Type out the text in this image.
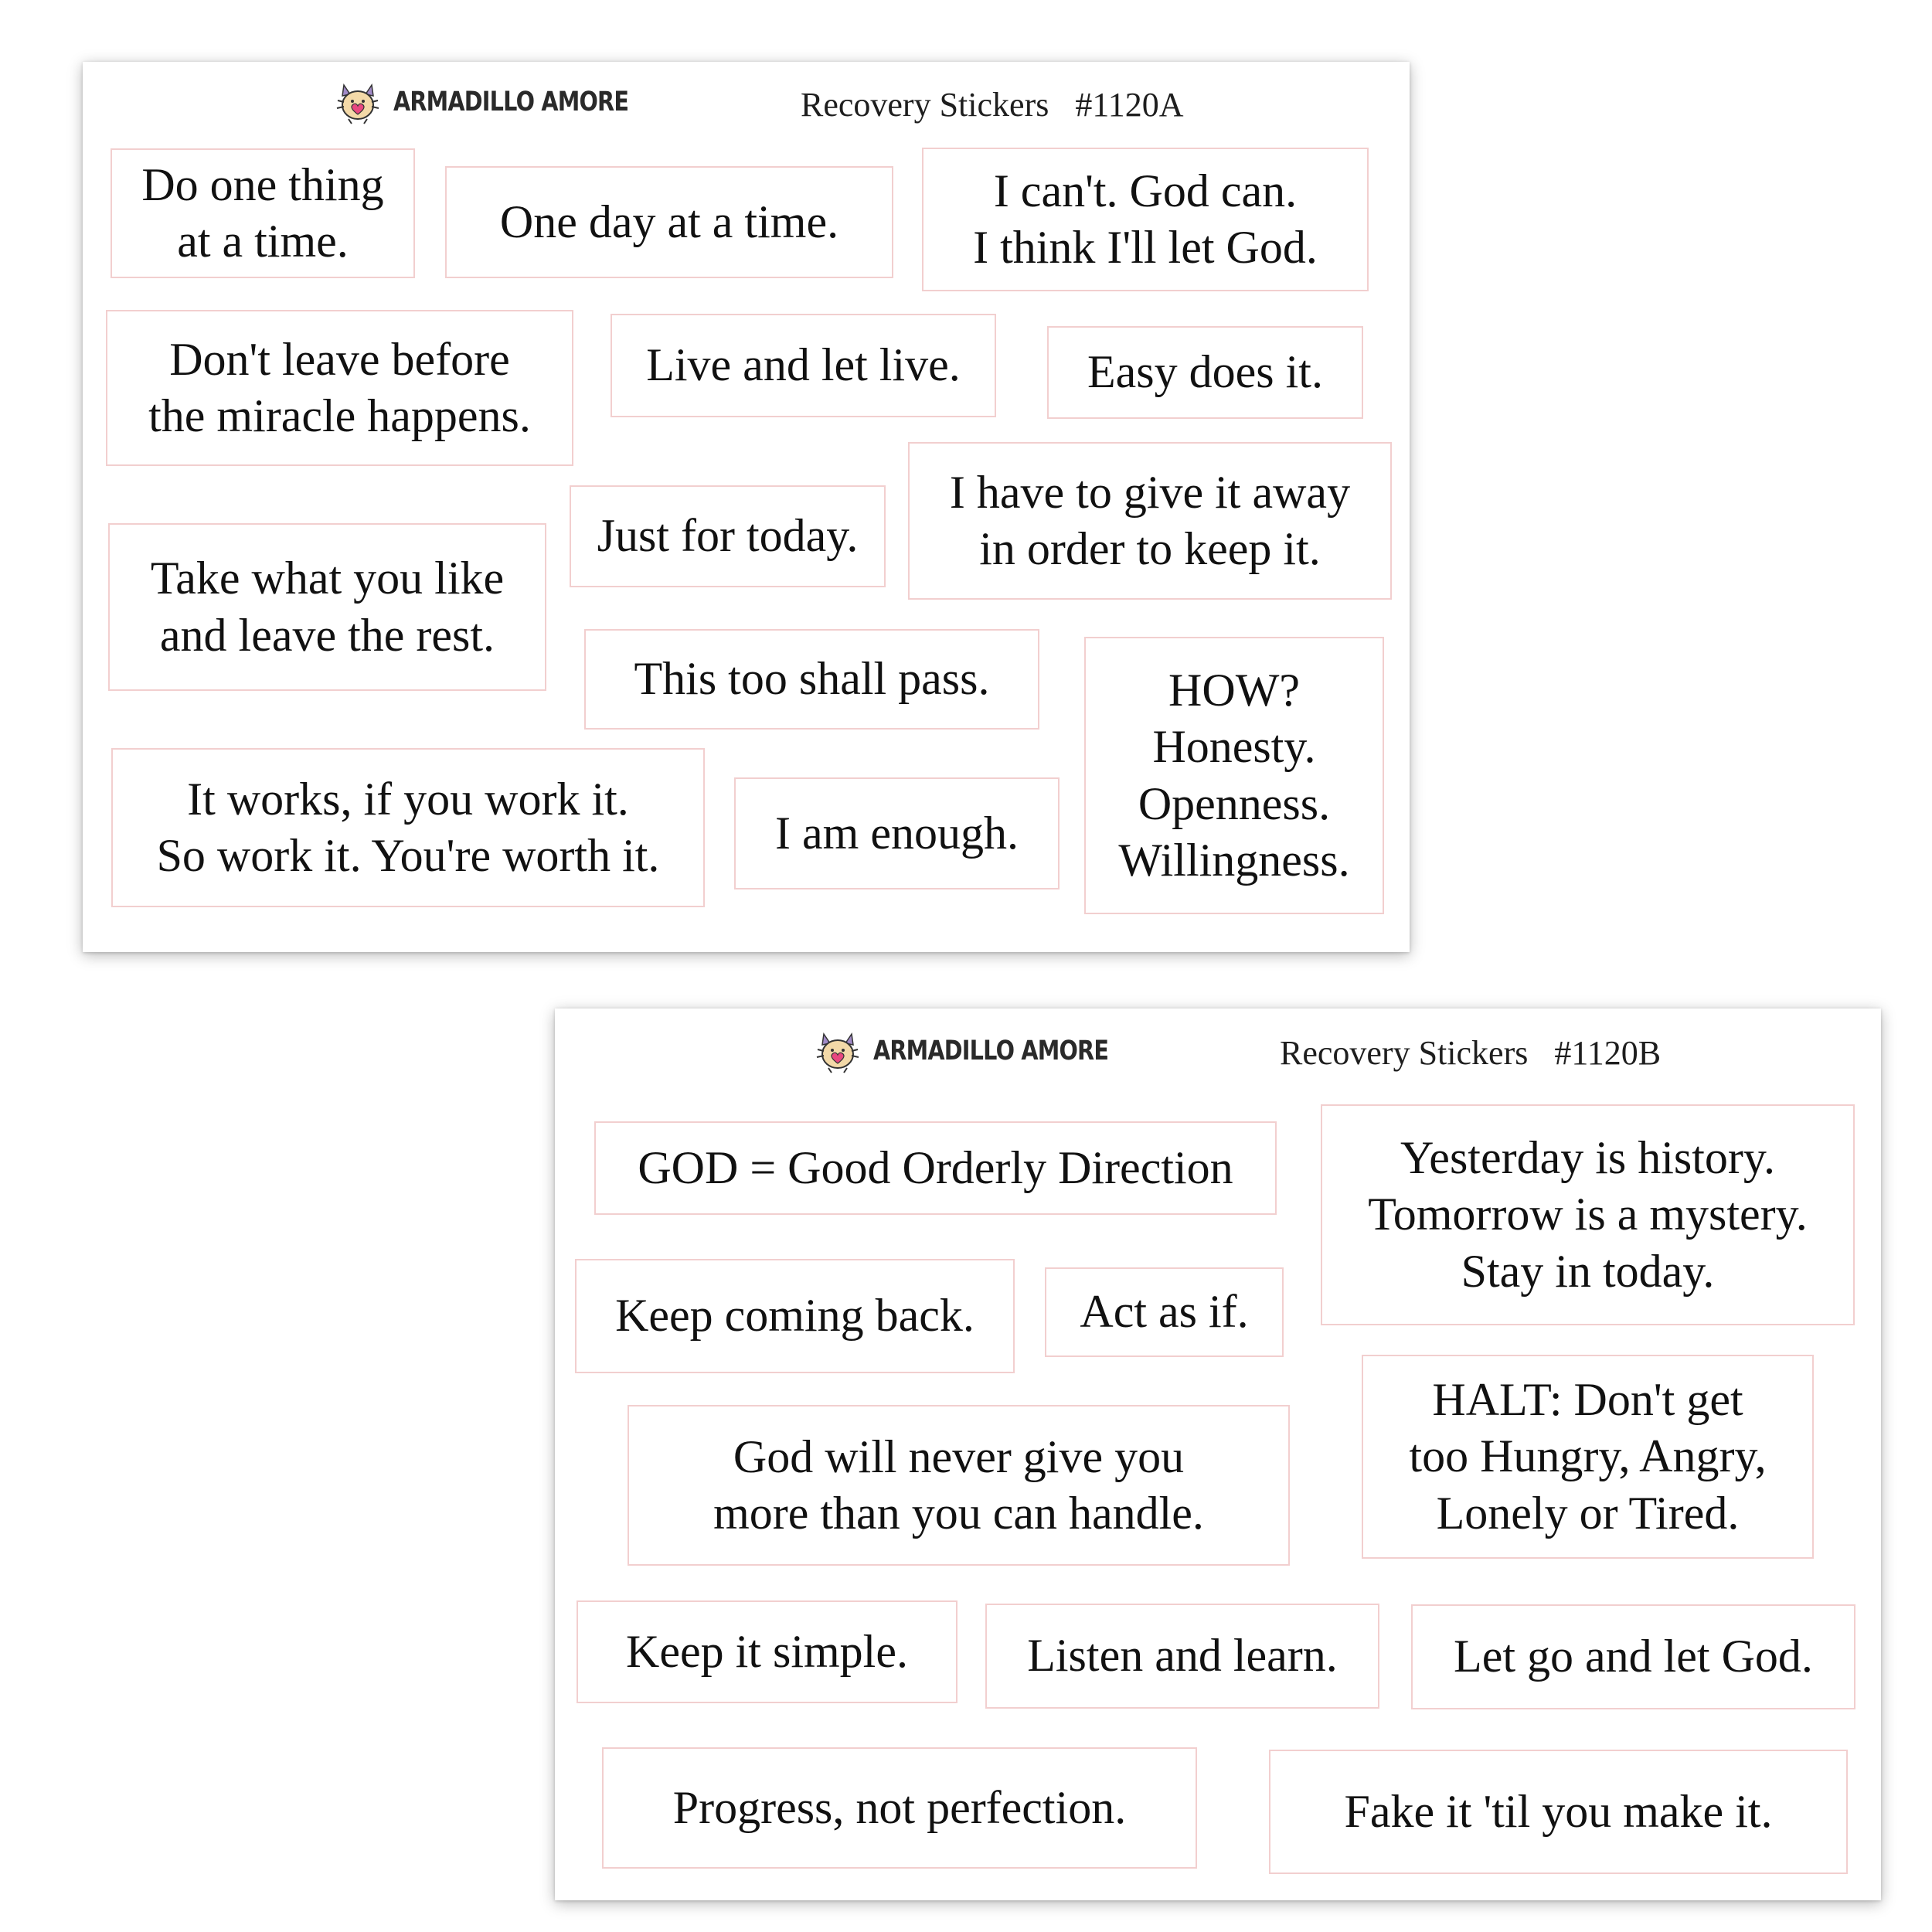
ARMADILLO AMORE	Recovery Stickers #1120A
Do one thing
at a time.	One day at a time.
I can't. God can.
I think I'll let God.
Don't leave before
the miracle happens.
Live and let live.	Easy does it.
Just for today.
I have to give it away
in order to keep it.
Take what you like
and leave the rest.
This too shall pass.	HOW?
Honesty.
Openness.
Willingness.
It works, if you work it.
So work it. You're worth it. I am enough.
ARMADILLO AMORE	Recovery Stickers #1120B
GOD = Good Orderly Direction	Yesterday is history.
Tomorrow is a mystery.
Stay in today.
Keep coming back. Act as if.
God will never give you
more than you can handle.
HALT: Don't get
too Hungry, Angry,
Lonely or Tired.
Keep it simple.	Listen and learn.	Let go and let God.
Progress, not perfection.	Fake it 'til you make it.
